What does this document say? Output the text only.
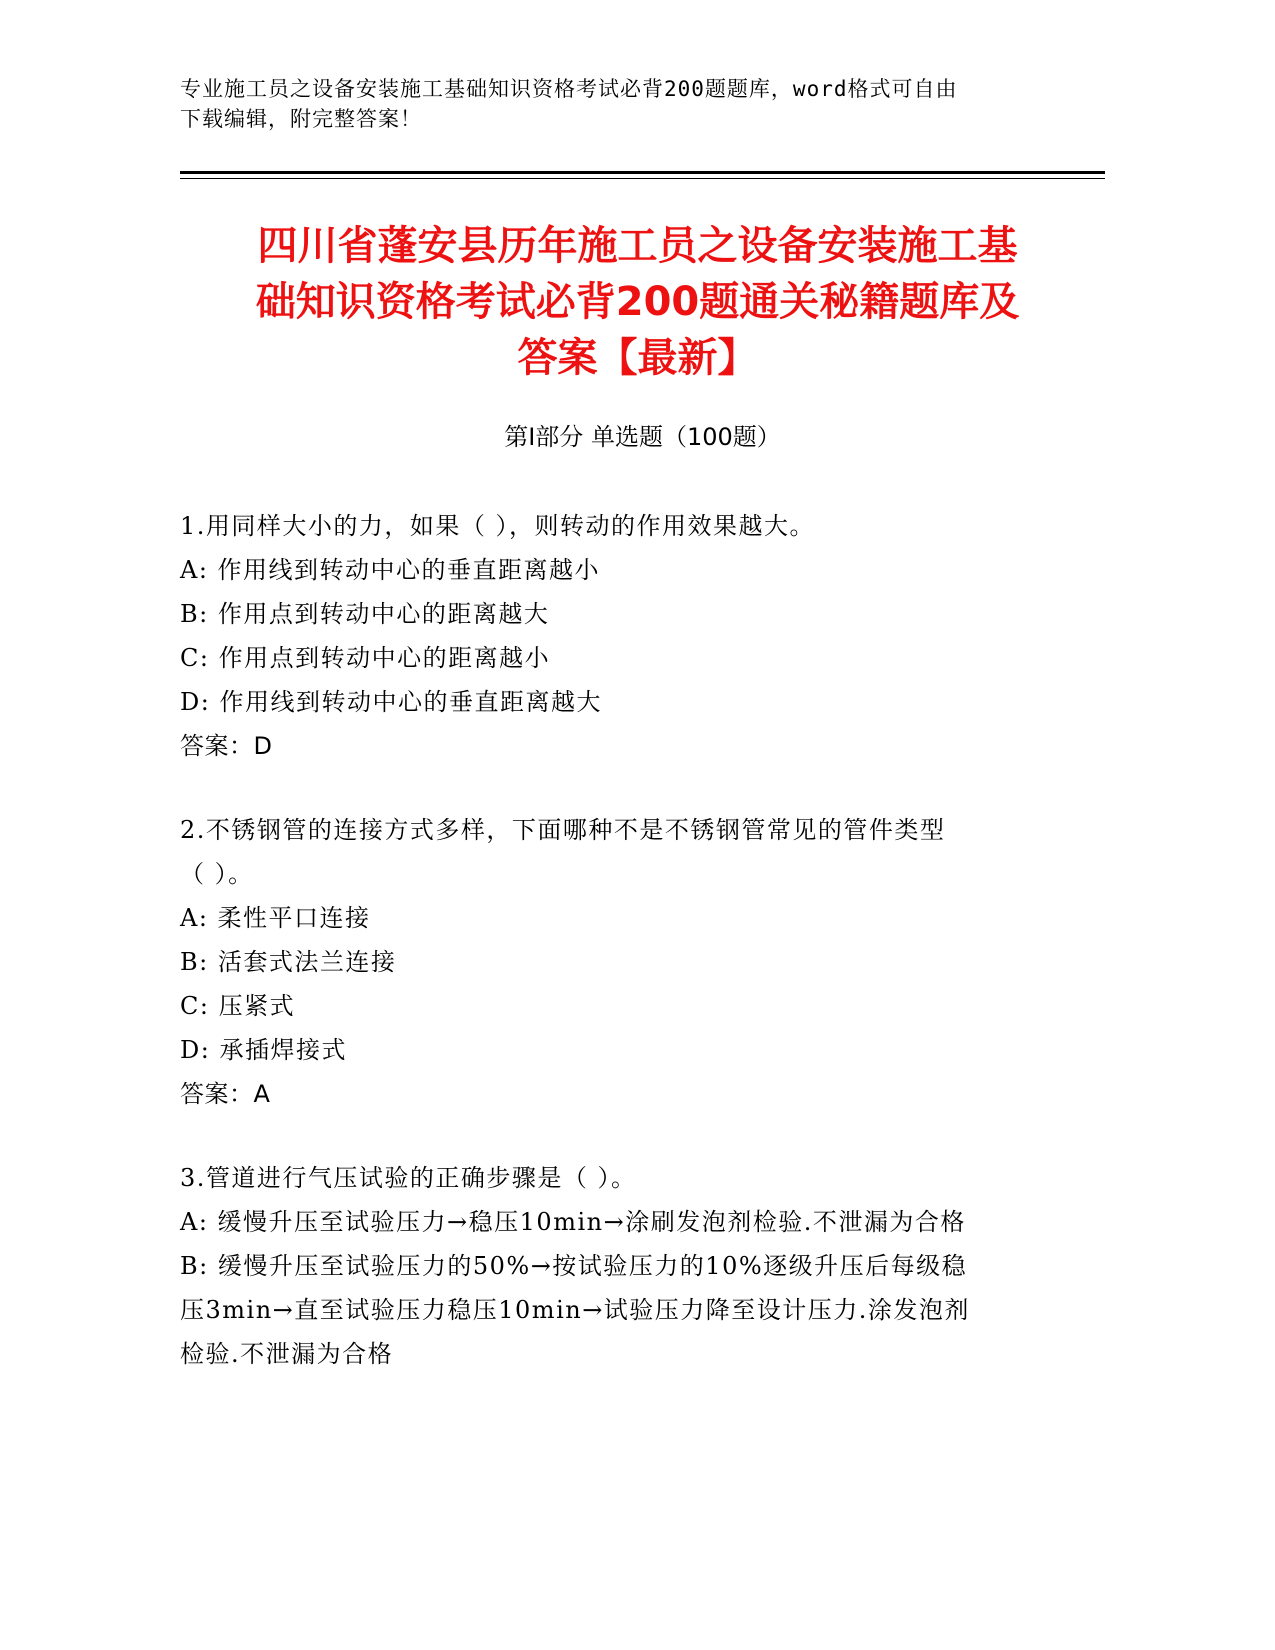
专业施工员之设备安装施工基础知识资格考试必背200题题库，word格式可自由
下载编辑，附完整答案！
四川省蓬安县历年施工员之设备安装施工基
础知识资格考试必背200题通关秘籍题库及
答案【最新】
第Ⅰ部分 单选题（100题）
1.用同样大小的力，如果（ ），则转动的作用效果越大。
A: 作用线到转动中心的垂直距离越小
B: 作用点到转动中心的距离越大
C: 作用点到转动中心的距离越小
D: 作用线到转动中心的垂直距离越大
答案：D
2.不锈钢管的连接方式多样，下面哪种不是不锈钢管常见的管件类型
（ ）。
A: 柔性平口连接
B: 活套式法兰连接
C: 压紧式
D: 承插焊接式
答案：A
3.管道进行气压试验的正确步骤是（ ）。
A: 缓慢升压至试验压力→稳压10min→涂刷发泡剂检验.不泄漏为合格
B: 缓慢升压至试验压力的50%→按试验压力的10%逐级升压后每级稳
压3min→直至试验压力稳压10min→试验压力降至设计压力.涂发泡剂
检验.不泄漏为合格
